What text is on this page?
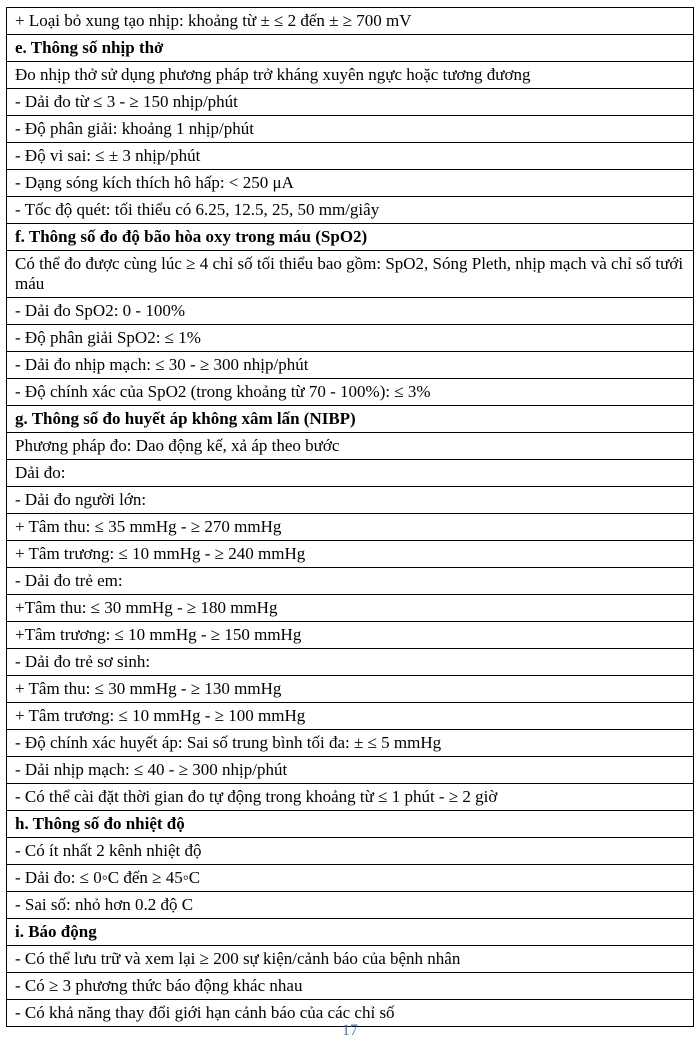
+ Loại bỏ xung tạo nhịp: khoảng từ ± ≤ 2 đến ± ≥ 700 mV
e. Thông số nhịp thở
Đo nhịp thở sử dụng phương pháp trở kháng xuyên ngực hoặc tương đương
- Dải đo từ ≤ 3 - ≥ 150 nhịp/phút
- Độ phân giải: khoảng 1 nhịp/phút
- Độ vi sai: ≤ ± 3 nhịp/phút
- Dạng sóng kích thích hô hấp: < 250 μA
- Tốc độ quét: tối thiểu có 6.25, 12.5, 25, 50 mm/giây
f. Thông số đo độ bão hòa oxy trong máu (SpO2)
Có thể đo được cùng lúc ≥ 4 chỉ số tối thiểu bao gồm: SpO2, Sóng Pleth, nhịp mạch và chỉ số tưới máu
- Dải đo SpO2: 0 - 100%
- Độ phân giải SpO2: ≤ 1%
- Dải đo nhịp mạch: ≤ 30 - ≥ 300 nhịp/phút
- Độ chính xác của SpO2 (trong khoảng từ 70 - 100%): ≤ 3%
g. Thông số đo huyết áp không xâm lấn (NIBP)
Phương pháp đo: Dao động kế, xả áp theo bước
Dải đo:
- Dải đo người lớn:
+ Tâm thu: ≤ 35 mmHg - ≥ 270 mmHg
+ Tâm trương: ≤ 10 mmHg - ≥ 240 mmHg
- Dải đo trẻ em:
+Tâm thu: ≤ 30 mmHg - ≥ 180 mmHg
+Tâm trương: ≤ 10 mmHg - ≥ 150 mmHg
- Dải đo trẻ sơ sinh:
+ Tâm thu: ≤ 30 mmHg - ≥ 130 mmHg
+ Tâm trương: ≤ 10 mmHg - ≥ 100 mmHg
- Độ chính xác huyết áp: Sai số trung bình tối đa: ± ≤ 5 mmHg
- Dải nhịp mạch: ≤ 40 - ≥ 300 nhịp/phút
- Có thể cài đặt thời gian đo tự động trong khoảng từ ≤ 1 phút - ≥ 2 giờ
h. Thông số đo nhiệt độ
- Có ít nhất 2 kênh nhiệt độ
- Dải đo: ≤ 0◦C đến ≥ 45◦C
- Sai số: nhỏ hơn 0.2 độ C
i. Báo động
- Có thể lưu trữ và xem lại ≥ 200 sự kiện/cảnh báo của bệnh nhân
- Có ≥ 3 phương thức báo động khác nhau
- Có khả năng thay đổi giới hạn cảnh báo của các chỉ số
17
